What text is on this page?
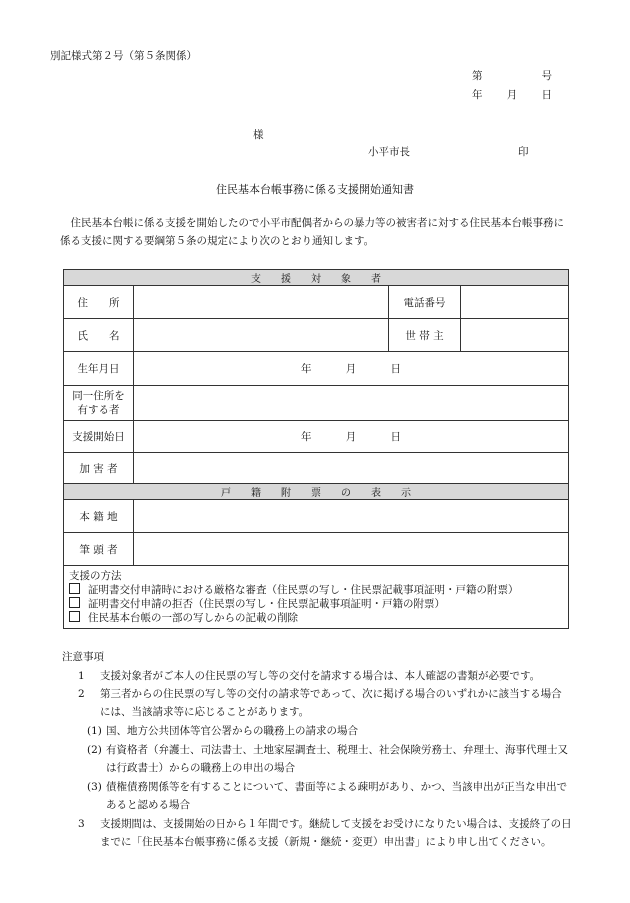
別記様式第２号（第５条関係）
第	号
年 月 日
様
小平市長	印
住民基本台帳事務に係る支援開始通知書
住民基本台帳に係る支援を開始したので小平市配偶者からの暴力等の被害者に対する住民基本台帳事務に係る支援に関する要綱第５条の規定により次のとおり通知します。
支　　援　　対　　象　　者			
住　　所		電話番号	
氏　　名		世 帯 主	
生年月日	年 月 日		

同一住所を
有する者			

支援開始日	年 月 日		

加 害 者			
戸　　籍　　附　　票　　の　　表　　示			
本 籍 地			
筆 頭 者			

支援の方法
証明書交付申請時における厳格な審査（住民票の写し・住民票記載事項証明・戸籍の附票）
証明書交付申請の拒否（住民票の写し・住民票記載事項証明・戸籍の附票）
住民基本台帳の一部の写しからの記載の削除			
注意事項
1 支援対象者がご本人の住民票の写し等の交付を請求する場合は、本人確認の書類が必要です。
2 第三者からの住民票の写し等の交付の請求等であって、次に掲げる場合のいずれかに該当する場合には、当該請求等に応じることがあります。
(1) 国、地方公共団体等官公署からの職務上の請求の場合
(2) 有資格者（弁護士、司法書士、土地家屋調査士、税理士、社会保険労務士、弁理士、海事代理士又は行政書士）からの職務上の申出の場合
(3) 債権債務関係等を有することについて、書面等による疎明があり、かつ、当該申出が正当な申出であると認める場合
3 支援期間は、支援開始の日から１年間です。継続して支援をお受けになりたい場合は、支援終了の日までに「住民基本台帳事務に係る支援（新規・継続・変更）申出書」により申し出てください。
